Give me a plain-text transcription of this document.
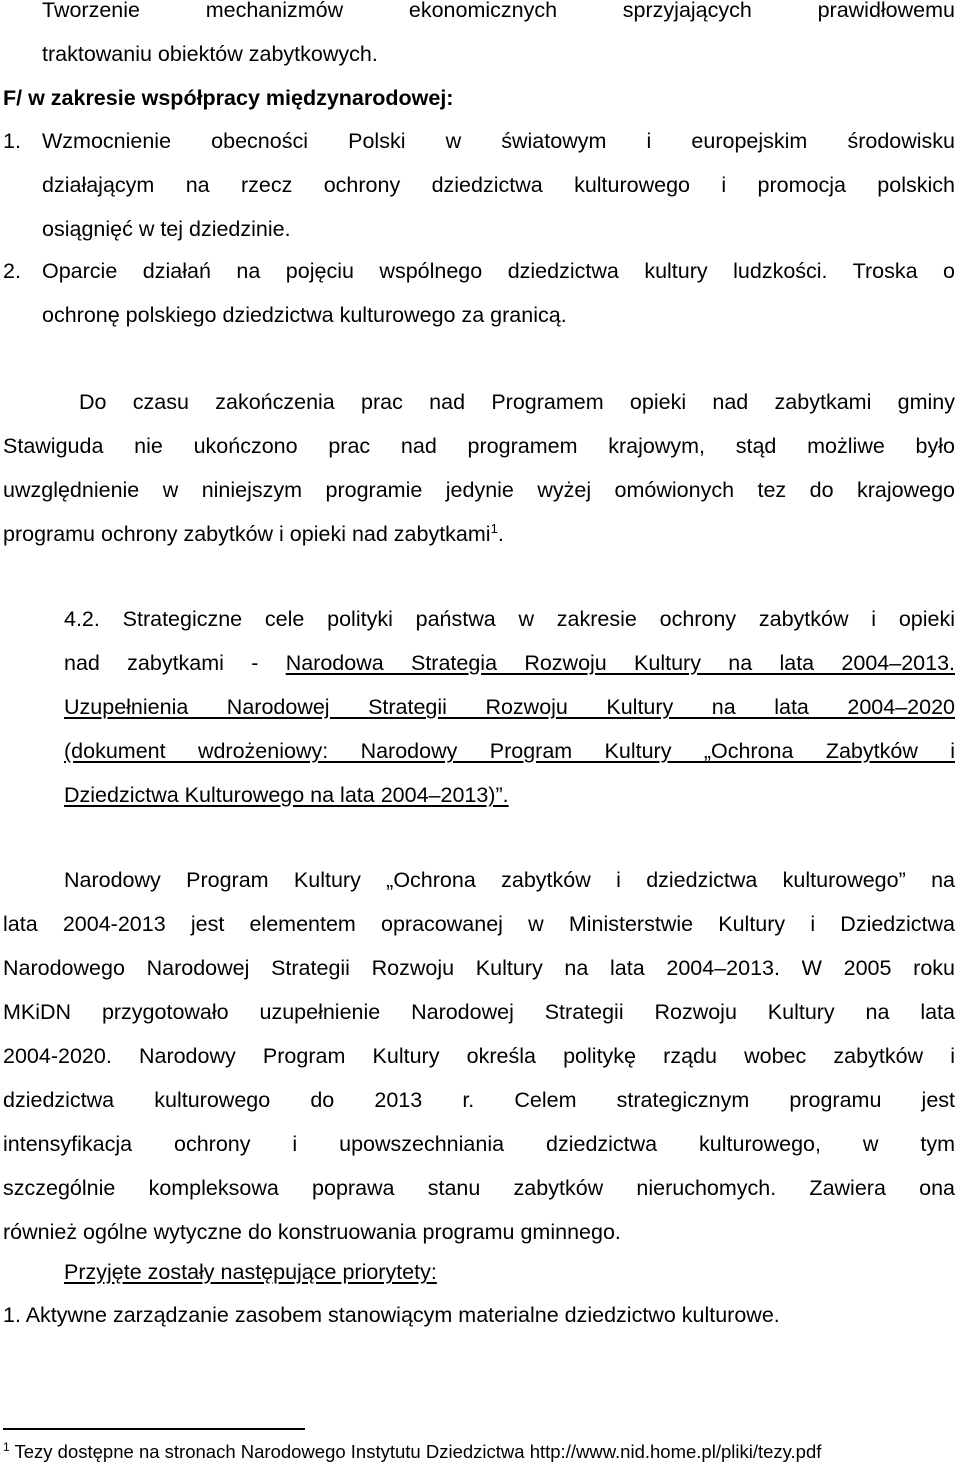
Tworzenie mechanizmów ekonomicznych sprzyjających prawidłowemu

traktowaniu obiektów zabytkowych.

F/ w zakresie współpracy międzynarodowej:

1. Wzmocnienie obecności Polski w światowym i europejskim środowisku

działającym na rzecz ochrony dziedzictwa kulturowego i promocja polskich

osiągnięć w tej dziedzinie.

2. Oparcie działań na pojęciu wspólnego dziedzictwa kultury ludzkości. Troska o

ochronę polskiego dziedzictwa kulturowego za granicą.

Do czasu zakończenia prac nad Programem opieki nad zabytkami gminy

Stawiguda nie ukończono prac nad programem krajowym, stąd możliwe było

uwzględnienie w niniejszym programie jedynie wyżej omówionych tez do krajowego

programu ochrony zabytków i opieki nad zabytkami$^1$.

4.2. Strategiczne cele polityki państwa w zakresie ochrony zabytków i opieki

nad zabytkami - Narodowa Strategia Rozwoju Kultury na lata 2004–2013.

Uzupełnienia Narodowej Strategii Rozwoju Kultury na lata 2004–2020

(dokument wdrożeniowy: Narodowy Program Kultury „Ochrona Zabytków i

Dziedzictwa Kulturowego na lata 2004–2013)”.

Narodowy Program Kultury „Ochrona zabytków i dziedzictwa kulturowego” na

lata 2004-2013 jest elementem opracowanej w Ministerstwie Kultury i Dziedzictwa

Narodowego Narodowej Strategii Rozwoju Kultury na lata 2004–2013. W 2005 roku

MKiDN przygotowało uzupełnienie Narodowej Strategii Rozwoju Kultury na lata

2004-2020. Narodowy Program Kultury określa politykę rządu wobec zabytków i

dziedzictwa kulturowego do 2013 r. Celem strategicznym programu jest

intensyfikacja ochrony i upowszechniania dziedzictwa kulturowego, w tym

szczególnie kompleksowa poprawa stanu zabytków nieruchomych. Zawiera ona

również ogólne wytyczne do konstruowania programu gminnego.

Przyjęte zostały następujące priorytety:

1. Aktywne zarządzanie zasobem stanowiącym materialne dziedzictwo kulturowe.

$^1$ Tezy dostępne na stronach Narodowego Instytutu Dziedzictwa http://www.nid.home.pl/pliki/tezy.pdf
